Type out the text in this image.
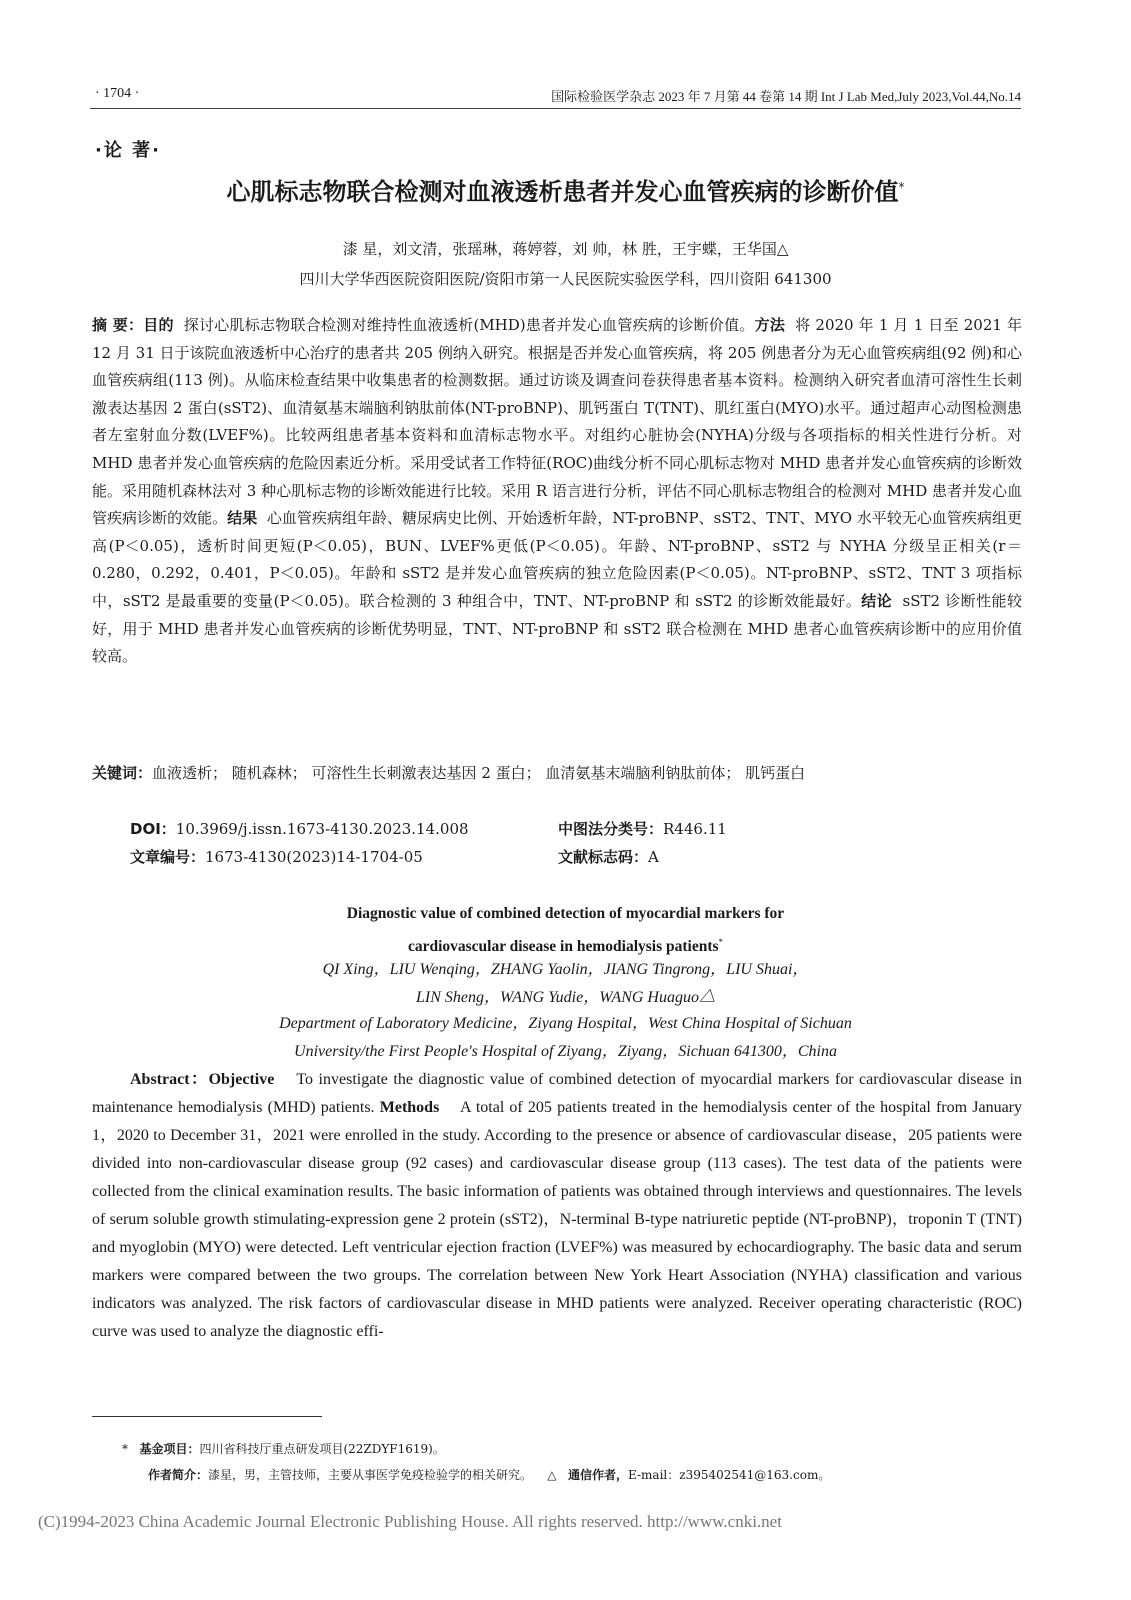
· 1704 ·	国际检验医学杂志 2023 年 7 月第 44 卷第 14 期 Int J Lab Med,July 2023,Vol.44,No.14
·论 著·
心肌标志物联合检测对血液透析患者并发心血管疾病的诊断价值*
漆 星，刘文清，张瑶琳，蒋婷蓉，刘 帅，林 胜，王宇蝶，王华国△
四川大学华西医院资阳医院/资阳市第一人民医院实验医学科，四川资阳 641300
摘 要：目的 探讨心肌标志物联合检测对维持性血液透析(MHD)患者并发心血管疾病的诊断价值。方法 将 2020 年 1 月 1 日至 2021 年 12 月 31 日于该院血液透析中心治疗的患者共 205 例纳入研究。根据是否并发心血管疾病，将 205 例患者分为无心血管疾病组(92 例)和心血管疾病组(113 例)。从临床检查结果中收集患者的检测数据。通过访谈及调查问卷获得患者基本资料。检测纳入研究者血清可溶性生长刺激表达基因 2 蛋白(sST2)、血清氨基末端脑利钠肽前体(NT-proBNP)、肌钙蛋白 T(TNT)、肌红蛋白(MYO)水平。通过超声心动图检测患者左室射血分数(LVEF%)。比较两组患者基本资料和血清标志物水平。对组约心脏协会(NYHA)分级与各项指标的相关性进行分析。对 MHD 患者并发心血管疾病的危险因素近分析。采用受试者工作特征(ROC)曲线分析不同心肌标志物对 MHD 患者并发心血管疾病的诊断效能。采用随机森林法对 3 种心肌标志物的诊断效能进行比较。采用 R 语言进行分析，评估不同心肌标志物组合的检测对 MHD 患者并发心血管疾病诊断的效能。结果 心血管疾病组年龄、糖尿病史比例、开始透析年龄，NT-proBNP、sST2、TNT、MYO 水平较无心血管疾病组更高(P＜0.05)，透析时间更短(P＜0.05)，BUN、LVEF%更低(P＜0.05)。年龄、NT-proBNP、sST2 与 NYHA 分级呈正相关(r＝0.280，0.292，0.401，P＜0.05)。年龄和 sST2 是并发心血管疾病的独立危险因素(P＜0.05)。NT-proBNP、sST2、TNT 3 项指标中，sST2 是最重要的变量(P＜0.05)。联合检测的 3 种组合中，TNT、NT-proBNP 和 sST2 的诊断效能最好。结论 sST2 诊断性能较好，用于 MHD 患者并发心血管疾病的诊断优势明显，TNT、NT-proBNP 和 sST2 联合检测在 MHD 患者心血管疾病诊断中的应用价值较高。
关键词：血液透析； 随机森林； 可溶性生长刺激表达基因 2 蛋白； 血清氨基末端脑利钠肽前体； 肌钙蛋白
DOI：10.3969/j.issn.1673-4130.2023.14.008	中图法分类号：R446.11
文章编号：1673-4130(2023)14-1704-05	文献标志码：A
Diagnostic value of combined detection of myocardial markers for
cardiovascular disease in hemodialysis patients*
QI Xing，LIU Wenqing，ZHANG Yaolin，JIANG Tingrong，LIU Shuai，
LIN Sheng，WANG Yudie，WANG Huaguo△
Department of Laboratory Medicine，Ziyang Hospital，West China Hospital of Sichuan
University/the First People's Hospital of Ziyang，Ziyang，Sichuan 641300，China
Abstract：Objective To investigate the diagnostic value of combined detection of myocardial markers for cardiovascular disease in maintenance hemodialysis (MHD) patients. Methods A total of 205 patients treated in the hemodialysis center of the hospital from January 1，2020 to December 31，2021 were enrolled in the study. According to the presence or absence of cardiovascular disease，205 patients were divided into non-cardiovascular disease group (92 cases) and cardiovascular disease group (113 cases). The test data of the patients were collected from the clinical examination results. The basic information of patients was obtained through interviews and questionnaires. The levels of serum soluble growth stimulating-expression gene 2 protein (sST2)，N-terminal B-type natriuretic peptide (NT-proBNP)，troponin T (TNT) and myoglobin (MYO) were detected. Left ventricular ejection fraction (LVEF%) was measured by echocardiography. The basic data and serum markers were compared between the two groups. The correlation between New York Heart Association (NYHA) classification and various indicators was analyzed. The risk factors of cardiovascular disease in MHD patients were analyzed. Receiver operating characteristic (ROC) curve was used to analyze the diagnostic effi-
* 基金项目：四川省科技厅重点研发项目(22ZDYF1619)。
作者简介：漆星，男，主管技师，主要从事医学免疫检验学的相关研究。 △ 通信作者，E-mail：z395402541@163.com。
(C)1994-2023 China Academic Journal Electronic Publishing House. All rights reserved. http://www.cnki.net
